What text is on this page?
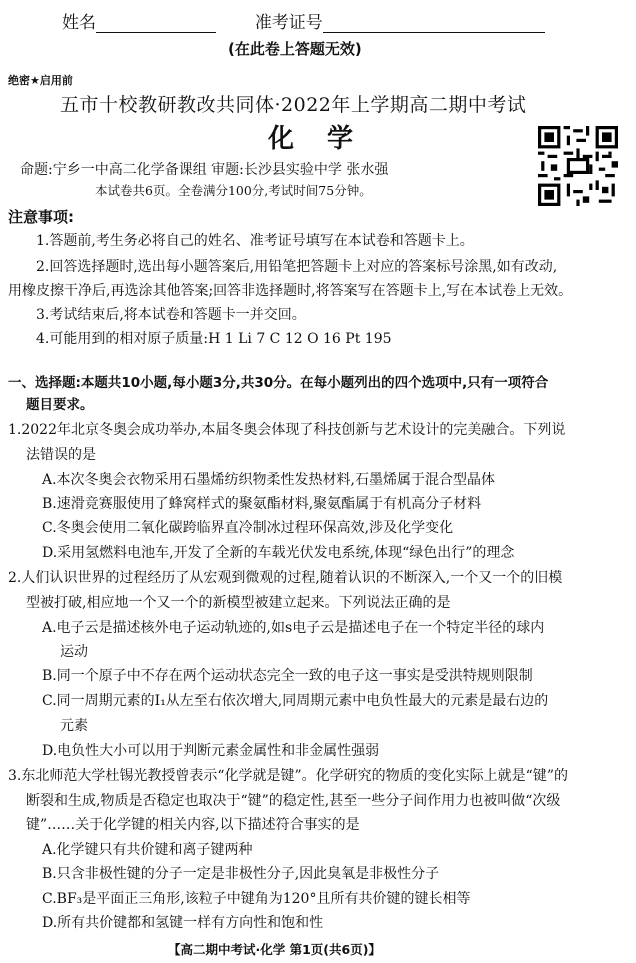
姓名	准考证号
(在此卷上答题无效)
绝密★启用前
五市十校教研教改共同体·2022年上学期高二期中考试
化 学
命题:宁乡一中高二化学备课组 审题:长沙县实验中学 张水强
本试卷共6页。全卷满分100分,考试时间75分钟。
注意事项:

1.答题前,考生务必将自己的姓名、准考证号填写在本试卷和答题卡上。

2.回答选择题时,选出每小题答案后,用铅笔把答题卡上对应的答案标号涂黑,如有改动,

用橡皮擦干净后,再选涂其他答案;回答非选择题时,将答案写在答题卡上,写在本试卷上无效。

3.考试结束后,将本试卷和答题卡一并交回。

4.可能用到的相对原子质量:H 1 Li 7 C 12 O 16 Pt 195

一、选择题:本题共10小题,每小题3分,共30分。在每小题列出的四个选项中,只有一项符合

题目要求。

1.2022年北京冬奥会成功举办,本届冬奥会体现了科技创新与艺术设计的完美融合。下列说

法错误的是

A.本次冬奥会衣物采用石墨烯纺织物柔性发热材料,石墨烯属于混合型晶体

B.速滑竞赛服使用了蜂窝样式的聚氨酯材料,聚氨酯属于有机高分子材料

C.冬奥会使用二氧化碳跨临界直冷制冰过程环保高效,涉及化学变化

D.采用氢燃料电池车,开发了全新的车载光伏发电系统,体现“绿色出行”的理念

2.人们认识世界的过程经历了从宏观到微观的过程,随着认识的不断深入,一个又一个的旧模

型被打破,相应地一个又一个的新模型被建立起来。下列说法正确的是

A.电子云是描述核外电子运动轨迹的,如s电子云是描述电子在一个特定半径的球内

运动

B.同一个原子中不存在两个运动状态完全一致的电子这一事实是受洪特规则限制

C.同一周期元素的I₁从左至右依次增大,同周期元素中电负性最大的元素是最右边的

元素

D.电负性大小可以用于判断元素金属性和非金属性强弱

3.东北师范大学杜锡光教授曾表示“化学就是键”。化学研究的物质的变化实际上就是“键”的

断裂和生成,物质是否稳定也取决于“键”的稳定性,甚至一些分子间作用力也被叫做“次级

键”……关于化学键的相关内容,以下描述符合事实的是

A.化学键只有共价键和离子键两种

B.只含非极性键的分子一定是非极性分子,因此臭氧是非极性分子

C.BF₃是平面正三角形,该粒子中键角为120°且所有共价键的键长相等

D.所有共价键都和氢键一样有方向性和饱和性

【高二期中考试·化学 第1页(共6页)】
